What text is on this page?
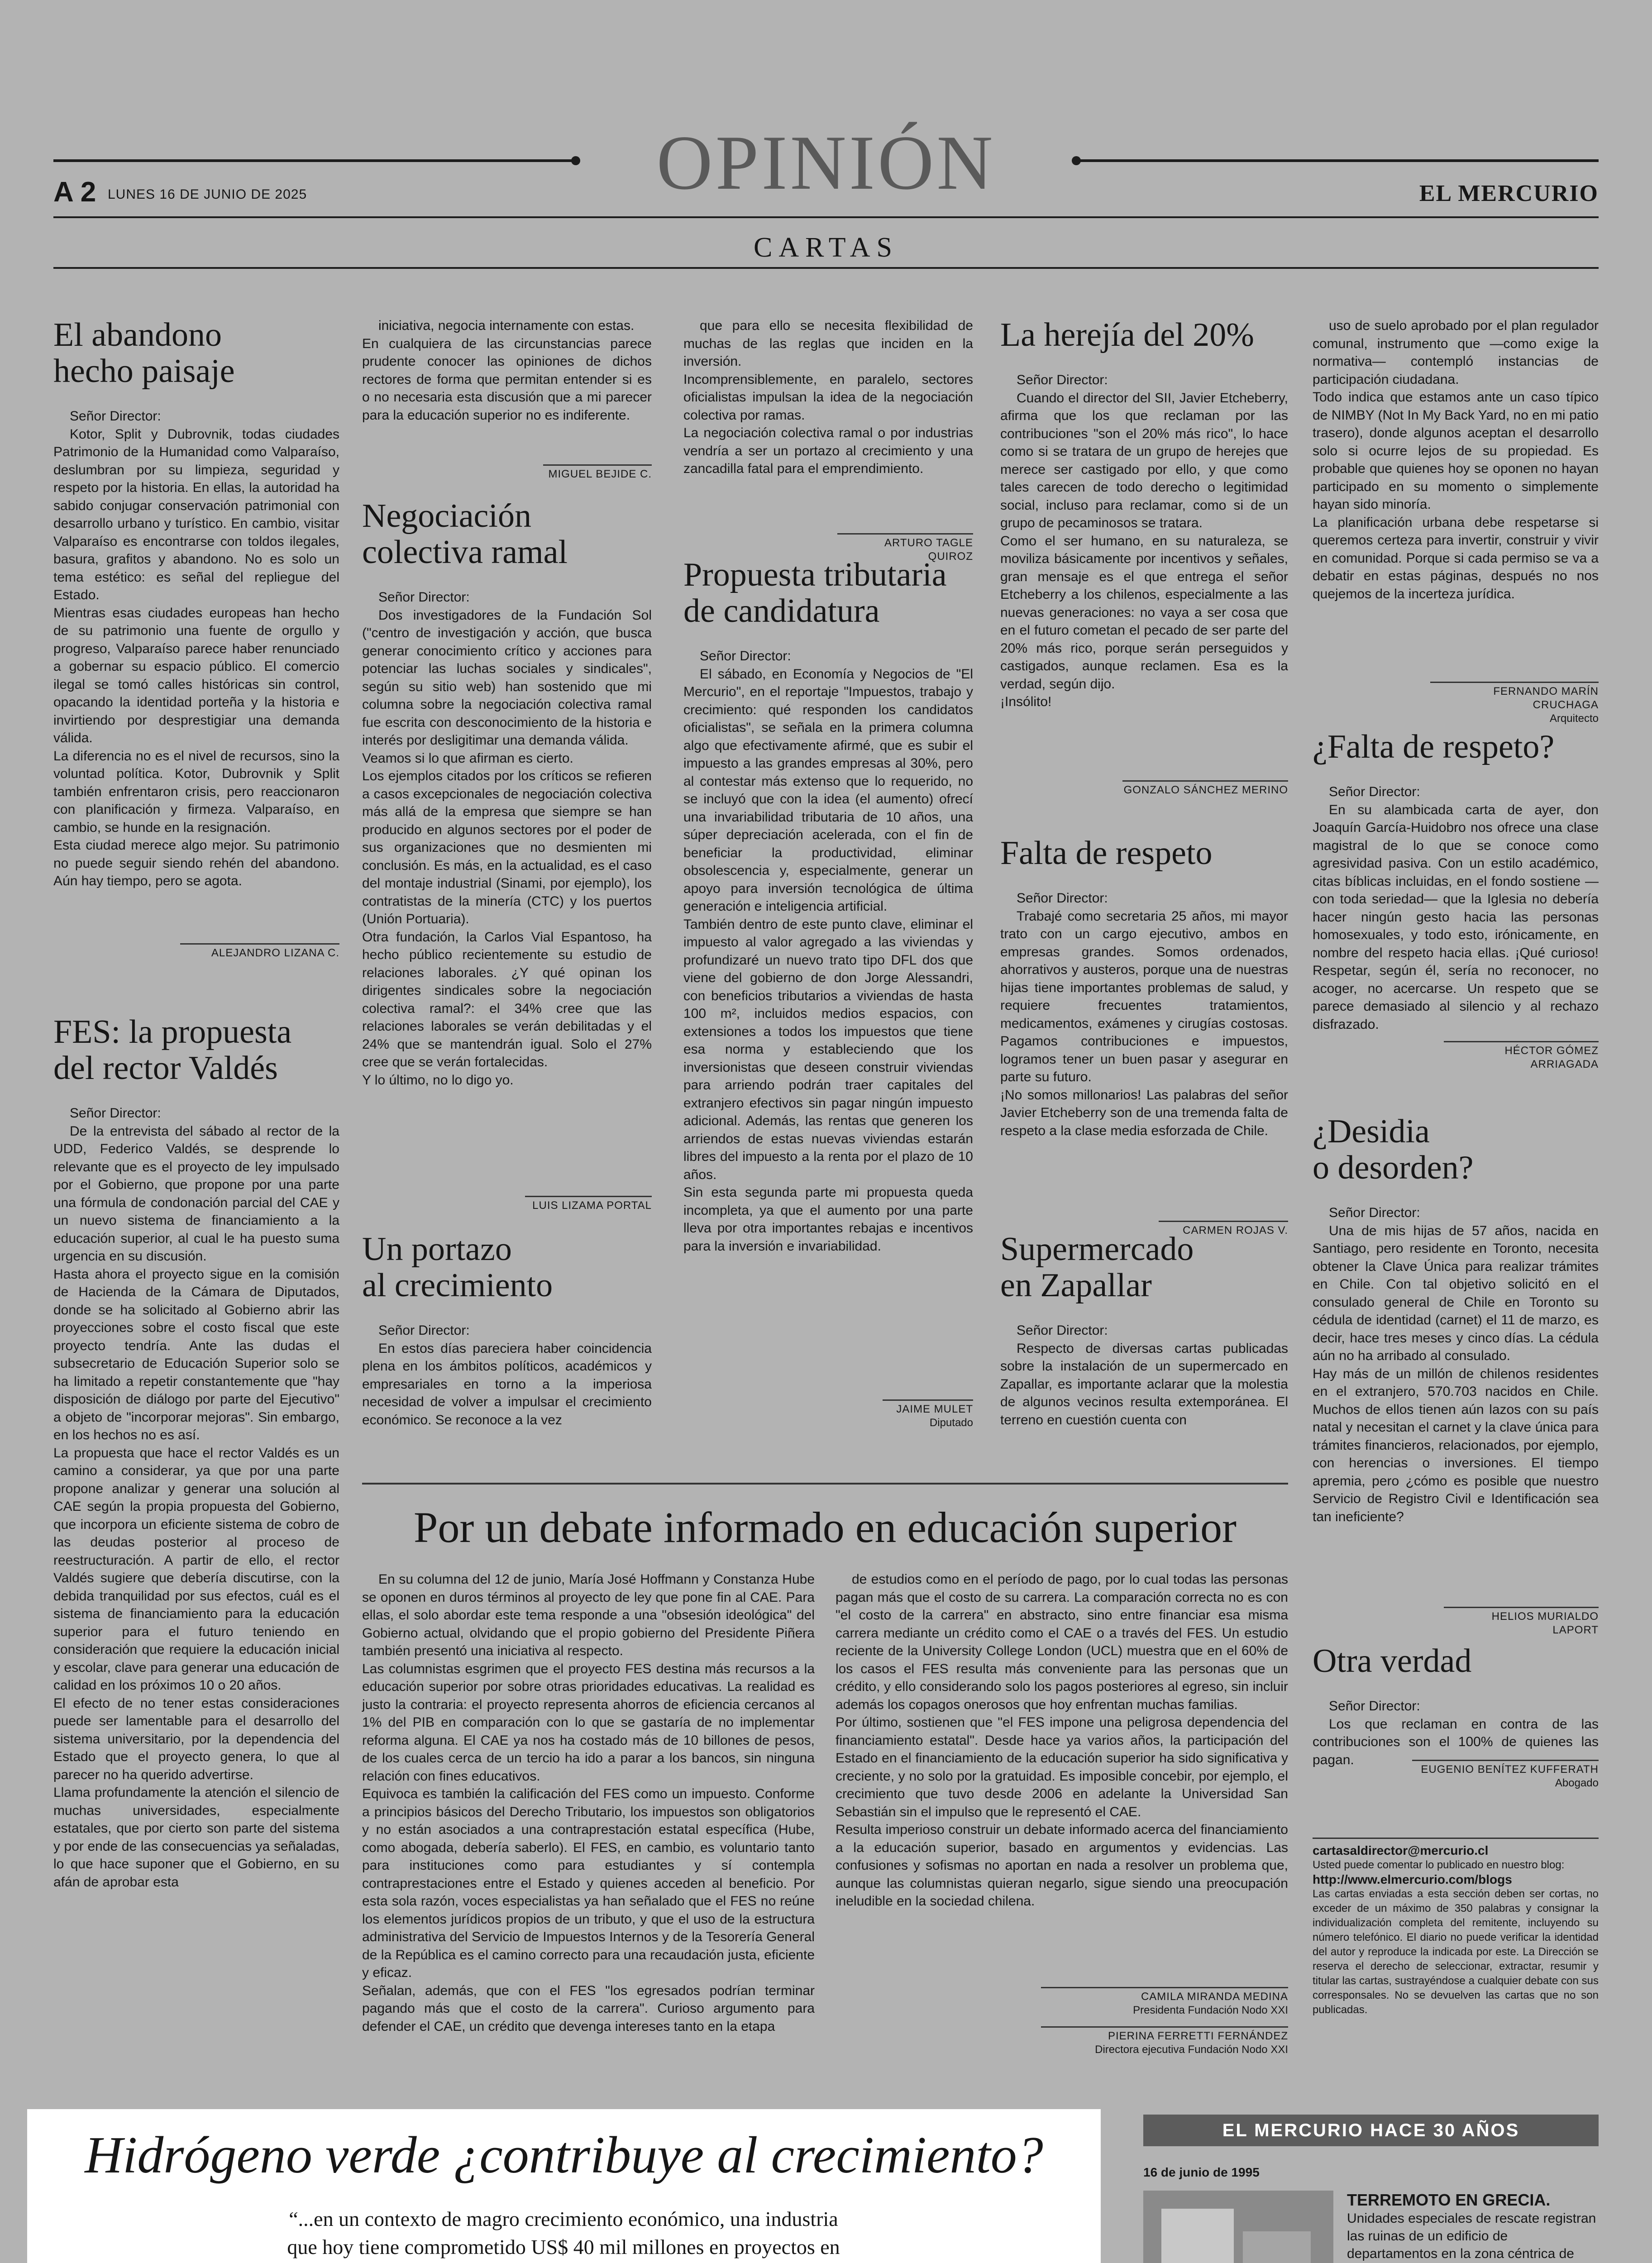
OPINIÓN
A 2 LUNES 16 DE JUNIO DE 2025	EL MERCURIO
CARTAS
El abandono
hecho paisaje
Señor Director:
Kotor, Split y Dubrovnik, todas ciudades Patrimonio de la Humanidad como Valparaíso, deslumbran por su limpieza, seguridad y respeto por la historia. En ellas, la autoridad ha sabido conjugar conservación patrimonial con desarrollo urbano y turístico. En cambio, visitar Valparaíso es encontrarse con toldos ilegales, basura, grafitos y abandono. No es solo un tema estético: es señal del repliegue del Estado.
Mientras esas ciudades europeas han hecho de su patrimonio una fuente de orgullo y progreso, Valparaíso parece haber renunciado a gobernar su espacio público. El comercio ilegal se tomó calles históricas sin control, opacando la identidad porteña y la historia e invirtiendo por desprestigiar una demanda válida.
La diferencia no es el nivel de recursos, sino la voluntad política. Kotor, Dubrovnik y Split también enfrentaron crisis, pero reaccionaron con planificación y firmeza. Valparaíso, en cambio, se hunde en la resignación.
Esta ciudad merece algo mejor. Su patrimonio no puede seguir siendo rehén del abandono. Aún hay tiempo, pero se agota.
ALEJANDRO LIZANA C.
FES: la propuesta
del rector Valdés
Señor Director:
De la entrevista del sábado al rector de la UDD, Federico Valdés, se desprende lo relevante que es el proyecto de ley impulsado por el Gobierno, que propone por una parte una fórmula de condonación parcial del CAE y un nuevo sistema de financiamiento a la educación superior, al cual le ha puesto suma urgencia en su discusión.
Hasta ahora el proyecto sigue en la comisión de Hacienda de la Cámara de Diputados, donde se ha solicitado al Gobierno abrir las proyecciones sobre el costo fiscal que este proyecto tendría. Ante las dudas el subsecretario de Educación Superior solo se ha limitado a repetir constantemente que "hay disposición de diálogo por parte del Ejecutivo" a objeto de "incorporar mejoras". Sin embargo, en los hechos no es así.
La propuesta que hace el rector Valdés es un camino a considerar, ya que por una parte propone analizar y generar una solución al CAE según la propia propuesta del Gobierno, que incorpora un eficiente sistema de cobro de las deudas posterior al proceso de reestructuración. A partir de ello, el rector Valdés sugiere que debería discutirse, con la debida tranquilidad por sus efectos, cuál es el sistema de financiamiento para la educación superior para el futuro teniendo en consideración que requiere la educación inicial y escolar, clave para generar una educación de calidad en los próximos 10 o 20 años.
El efecto de no tener estas consideraciones puede ser lamentable para el desarrollo del sistema universitario, por la dependencia del Estado que el proyecto genera, lo que al parecer no ha querido advertirse.
Llama profundamente la atención el silencio de muchas universidades, especialmente estatales, que por cierto son parte del sistema y por ende de las consecuencias ya señaladas, lo que hace suponer que el Gobierno, en su afán de aprobar esta
iniciativa, negocia internamente con estas.
En cualquiera de las circunstancias parece prudente conocer las opiniones de dichos rectores de forma que permitan entender si es o no necesaria esta discusión que a mi parecer para la educación superior no es indiferente.
MIGUEL BEJIDE C.
Negociación
colectiva ramal
Señor Director:
Dos investigadores de la Fundación Sol ("centro de investigación y acción, que busca generar conocimiento crítico y acciones para potenciar las luchas sociales y sindicales", según su sitio web) han sostenido que mi columna sobre la negociación colectiva ramal fue escrita con desconocimiento de la historia e interés por desligitimar una demanda válida.
Veamos si lo que afirman es cierto.
Los ejemplos citados por los críticos se refieren a casos excepcionales de negociación colectiva más allá de la empresa que siempre se han producido en algunos sectores por el poder de sus organizaciones que no desmienten mi conclusión. Es más, en la actualidad, es el caso del montaje industrial (Sinami, por ejemplo), los contratistas de la minería (CTC) y los puertos (Unión Portuaria).
Otra fundación, la Carlos Vial Espantoso, ha hecho público recientemente su estudio de relaciones laborales. ¿Y qué opinan los dirigentes sindicales sobre la negociación colectiva ramal?: el 34% cree que las relaciones laborales se verán debilitadas y el 24% que se mantendrán igual. Solo el 27% cree que se verán fortalecidas.
Y lo último, no lo digo yo.
LUIS LIZAMA PORTAL
Un portazo
al crecimiento
Señor Director:
En estos días pareciera haber coincidencia plena en los ámbitos políticos, académicos y empresariales en torno a la imperiosa necesidad de volver a impulsar el crecimiento económico. Se reconoce a la vez
que para ello se necesita flexibilidad de muchas de las reglas que inciden en la inversión.
Incomprensiblemente, en paralelo, sectores oficialistas impulsan la idea de la negociación colectiva por ramas.
La negociación colectiva ramal o por industrias vendría a ser un portazo al crecimiento y una zancadilla fatal para el emprendimiento.
ARTURO TAGLE QUIROZ
Propuesta tributaria
de candidatura
Señor Director:
El sábado, en Economía y Negocios de "El Mercurio", en el reportaje "Impuestos, trabajo y crecimiento: qué responden los candidatos oficialistas", se señala en la primera columna algo que efectivamente afirmé, que es subir el impuesto a las grandes empresas al 30%, pero al contestar más extenso que lo requerido, no se incluyó que con la idea (el aumento) ofrecí una invariabilidad tributaria de 10 años, una súper depreciación acelerada, con el fin de beneficiar la productividad, eliminar obsolescencia y, especialmente, generar un apoyo para inversión tecnológica de última generación e inteligencia artificial.
También dentro de este punto clave, eliminar el impuesto al valor agregado a las viviendas y profundizaré un nuevo trato tipo DFL dos que viene del gobierno de don Jorge Alessandri, con beneficios tributarios a viviendas de hasta 100 m², incluidos medios espacios, con extensiones a todos los impuestos que tiene esa norma y estableciendo que los inversionistas que deseen construir viviendas para arriendo podrán traer capitales del extranjero efectivos sin pagar ningún impuesto adicional. Además, las rentas que generen los arriendos de estas nuevas viviendas estarán libres del impuesto a la renta por el plazo de 10 años.
Sin esta segunda parte mi propuesta queda incompleta, ya que el aumento por una parte lleva por otra importantes rebajas e incentivos para la inversión e invariabilidad.
JAIME MULET
Diputado
La herejía del 20%
Señor Director:
Cuando el director del SII, Javier Etcheberry, afirma que los que reclaman por las contribuciones "son el 20% más rico", lo hace como si se tratara de un grupo de herejes que merece ser castigado por ello, y que como tales carecen de todo derecho o legitimidad social, incluso para reclamar, como si de un grupo de pecaminosos se tratara.
Como el ser humano, en su naturaleza, se moviliza básicamente por incentivos y señales, gran mensaje es el que entrega el señor Etcheberry a los chilenos, especialmente a las nuevas generaciones: no vaya a ser cosa que en el futuro cometan el pecado de ser parte del 20% más rico, porque serán perseguidos y castigados, aunque reclamen. Esa es la verdad, según dijo.
¡Insólito!
GONZALO SÁNCHEZ MERINO
Falta de respeto
Señor Director:
Trabajé como secretaria 25 años, mi mayor trato con un cargo ejecutivo, ambos en empresas grandes. Somos ordenados, ahorrativos y austeros, porque una de nuestras hijas tiene importantes problemas de salud, y requiere frecuentes tratamientos, medicamentos, exámenes y cirugías costosas. Pagamos contribuciones e impuestos, logramos tener un buen pasar y asegurar en parte su futuro.
¡No somos millonarios! Las palabras del señor Javier Etcheberry son de una tremenda falta de respeto a la clase media esforzada de Chile.
CARMEN ROJAS V.
Supermercado
en Zapallar
Señor Director:
Respecto de diversas cartas publicadas sobre la instalación de un supermercado en Zapallar, es importante aclarar que la molestia de algunos vecinos resulta extemporánea. El terreno en cuestión cuenta con
uso de suelo aprobado por el plan regulador comunal, instrumento que —como exige la normativa— contempló instancias de participación ciudadana.
Todo indica que estamos ante un caso típico de NIMBY (Not In My Back Yard, no en mi patio trasero), donde algunos aceptan el desarrollo solo si ocurre lejos de su propiedad. Es probable que quienes hoy se oponen no hayan participado en su momento o simplemente hayan sido minoría.
La planificación urbana debe respetarse si queremos certeza para invertir, construir y vivir en comunidad. Porque si cada permiso se va a debatir en estas páginas, después no nos quejemos de la incerteza jurídica.
FERNANDO MARÍN CRUCHAGA
Arquitecto
¿Falta de respeto?
Señor Director:
En su alambicada carta de ayer, don Joaquín García-Huidobro nos ofrece una clase magistral de lo que se conoce como agresividad pasiva. Con un estilo académico, citas bíblicas incluidas, en el fondo sostiene —con toda seriedad— que la Iglesia no debería hacer ningún gesto hacia las personas homosexuales, y todo esto, irónicamente, en nombre del respeto hacia ellas. ¡Qué curioso! Respetar, según él, sería no reconocer, no acoger, no acercarse. Un respeto que se parece demasiado al silencio y al rechazo disfrazado.
HÉCTOR GÓMEZ ARRIAGADA
¿Desidia
o desorden?
Señor Director:
Una de mis hijas de 57 años, nacida en Santiago, pero residente en Toronto, necesita obtener la Clave Única para realizar trámites en Chile. Con tal objetivo solicitó en el consulado general de Chile en Toronto su cédula de identidad (carnet) el 11 de marzo, es decir, hace tres meses y cinco días. La cédula aún no ha arribado al consulado.
Hay más de un millón de chilenos residentes en el extranjero, 570.703 nacidos en Chile. Muchos de ellos tienen aún lazos con su país natal y necesitan el carnet y la clave única para trámites financieros, relacionados, por ejemplo, con herencias o inversiones. El tiempo apremia, pero ¿cómo es posible que nuestro Servicio de Registro Civil e Identificación sea tan ineficiente?
HELIOS MURIALDO LAPORT
Otra verdad
Señor Director:
Los que reclaman en contra de las contribuciones son el 100% de quienes las pagan.
EUGENIO BENÍTEZ KUFFERATH
Abogado
cartasaldirector@mercurio.cl
Usted puede comentar lo publicado en nuestro blog:
http://www.elmercurio.com/blogs
Las cartas enviadas a esta sección deben ser cortas, no exceder de un máximo de 350 palabras y consignar la individualización completa del remitente, incluyendo su número telefónico. El diario no puede verificar la identidad del autor y reproduce la indicada por este. La Dirección se reserva el derecho de seleccionar, extractar, resumir y titular las cartas, sustrayéndose a cualquier debate con sus corresponsales. No se devuelven las cartas que no son publicadas.
Por un debate informado en educación superior
En su columna del 12 de junio, María José Hoffmann y Constanza Hube se oponen en duros términos al proyecto de ley que pone fin al CAE. Para ellas, el solo abordar este tema responde a una "obsesión ideológica" del Gobierno actual, olvidando que el propio gobierno del Presidente Piñera también presentó una iniciativa al respecto.
Las columnistas esgrimen que el proyecto FES destina más recursos a la educación superior por sobre otras prioridades educativas. La realidad es justo la contraria: el proyecto representa ahorros de eficiencia cercanos al 1% del PIB en comparación con lo que se gastaría de no implementar reforma alguna. El CAE ya nos ha costado más de 10 billones de pesos, de los cuales cerca de un tercio ha ido a parar a los bancos, sin ninguna relación con fines educativos.
Equivoca es también la calificación del FES como un impuesto. Conforme a principios básicos del Derecho Tributario, los impuestos son obligatorios y no están asociados a una contraprestación estatal específica (Hube, como abogada, debería saberlo). El FES, en cambio, es voluntario tanto para instituciones como para estudiantes y sí contempla contraprestaciones entre el Estado y quienes acceden al beneficio. Por esta sola razón, voces especialistas ya han señalado que el FES no reúne los elementos jurídicos propios de un tributo, y que el uso de la estructura administrativa del Servicio de Impuestos Internos y de la Tesorería General de la República es el camino correcto para una recaudación justa, eficiente y eficaz.
Señalan, además, que con el FES "los egresados podrían terminar pagando más que el costo de la carrera". Curioso argumento para defender el CAE, un crédito que devenga intereses tanto en la etapa
de estudios como en el período de pago, por lo cual todas las personas pagan más que el costo de su carrera. La comparación correcta no es con "el costo de la carrera" en abstracto, sino entre financiar esa misma carrera mediante un crédito como el CAE o a través del FES. Un estudio reciente de la University College London (UCL) muestra que en el 60% de los casos el FES resulta más conveniente para las personas que un crédito, y ello considerando solo los pagos posteriores al egreso, sin incluir además los copagos onerosos que hoy enfrentan muchas familias.
Por último, sostienen que "el FES impone una peligrosa dependencia del financiamiento estatal". Desde hace ya varios años, la participación del Estado en el financiamiento de la educación superior ha sido significativa y creciente, y no solo por la gratuidad. Es imposible concebir, por ejemplo, el crecimiento que tuvo desde 2006 en adelante la Universidad San Sebastián sin el impulso que le representó el CAE.
Resulta imperioso construir un debate informado acerca del financiamiento a la educación superior, basado en argumentos y evidencias. Las confusiones y sofismas no aportan en nada a resolver un problema que, aunque las columnistas quieran negarlo, sigue siendo una preocupación ineludible en la sociedad chilena.
CAMILA MIRANDA MEDINA
Presidenta Fundación Nodo XXI
PIERINA FERRETTI FERNÁNDEZ
Directora ejecutiva Fundación Nodo XXI
Hidrógeno verde ¿contribuye al crecimiento?
“...en un contexto de magro crecimiento económico, una industria
que hoy tiene comprometido US$ 40 mil millones en proyectos en

EL MERCURIO HACE 30 AÑOS
16 de junio de 1995
TERREMOTO EN GRECIA.
Unidades especiales de rescate registran las ruinas de un edificio de departamentos en la zona céntrica de
